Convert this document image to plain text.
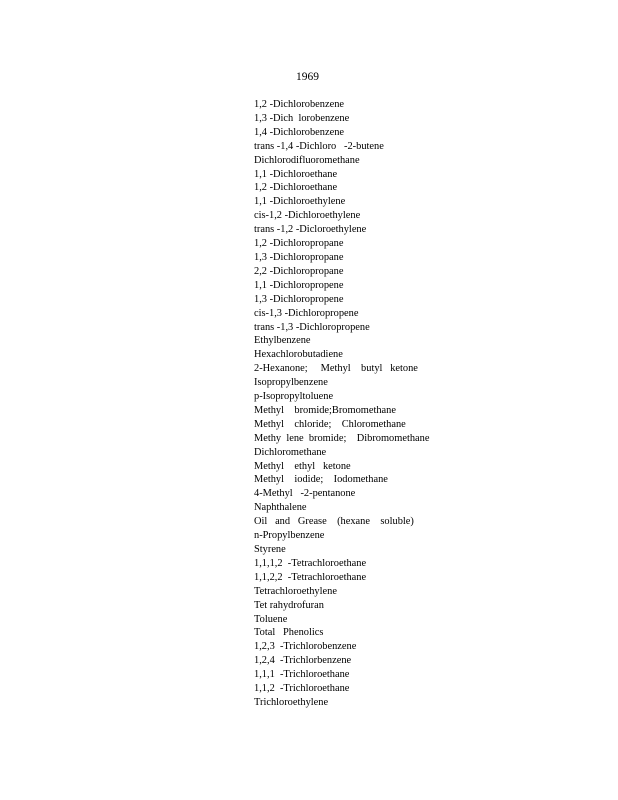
1969
1,2 -Dichlorobenzene
1,3 -Dich  lorobenzene
1,4 -Dichlorobenzene
trans -1,4 -Dichloro   -2-butene
Dichlorodifluoromethane
1,1 -Dichloroethane
1,2 -Dichloroethane
1,1 -Dichloroethylene
cis-1,2 -Dichloroethylene
trans -1,2 -Dicloroethylene
1,2 -Dichloropropane
1,3 -Dichloropropane
2,2 -Dichloropropane
1,1 -Dichloropropene
1,3 -Dichloropropene
cis-1,3 -Dichloropropene
trans -1,3 -Dichloropropene
Ethylbenzene
Hexachlorobutadiene
2-Hexanone;     Methyl    butyl   ketone
Isopropylbenzene
p-Isopropyltoluene
Methyl    bromide;Bromomethane
Methyl    chloride;    Chloromethane
Methy  lene  bromide;    Dibromomethane
Dichloromethane
Methyl    ethyl   ketone
Methyl    iodide;    Iodomethane
4-Methyl   -2-pentanone
Naphthalene
Oil   and   Grease    (hexane    soluble)
n-Propylbenzene
Styrene
1,1,1,2  -Tetrachloroethane
1,1,2,2  -Tetrachloroethane
Tetrachloroethylene
Tet rahydrofuran
Toluene
Total   Phenolics
1,2,3  -Trichlorobenzene
1,2,4  -Trichlorbenzene
1,1,1  -Trichloroethane
1,1,2  -Trichloroethane
Trichloroethylene
